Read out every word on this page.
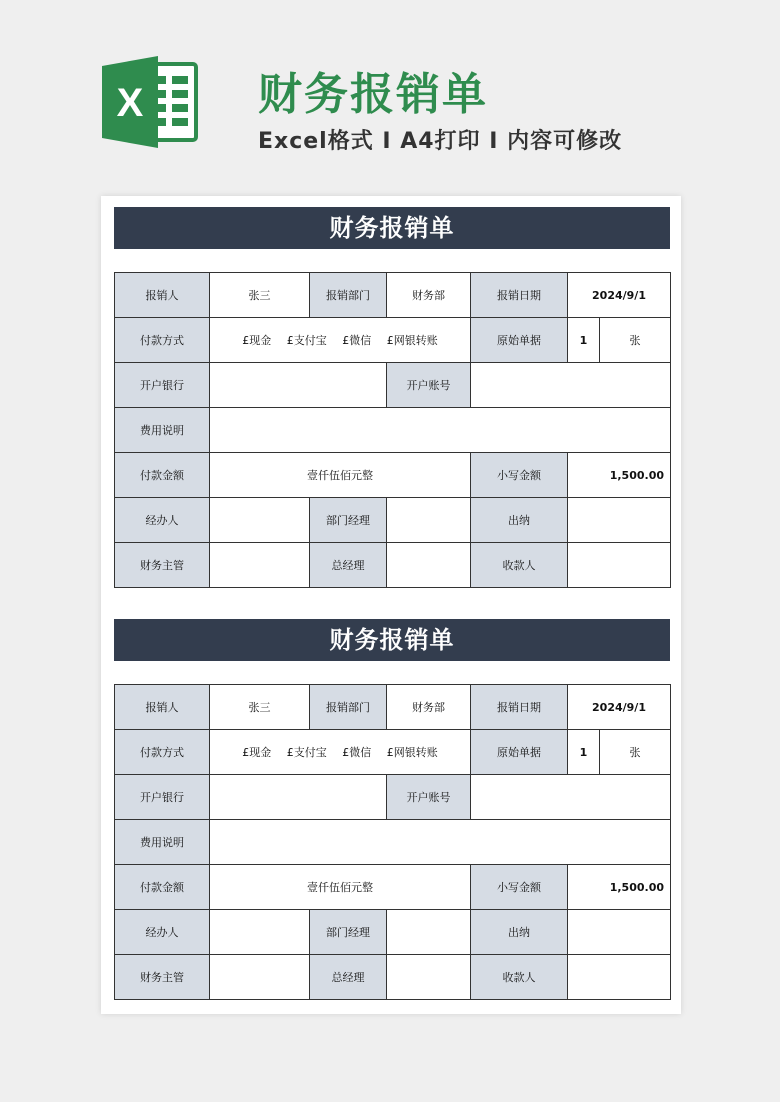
X	财务报销单
Excel格式 I A4打印 I 内容可修改
财务报销单
报销人	张三	报销部门	财务部	报销日期	2024/9/1	
付款方式	£现金 £支付宝 £微信 £网银转账			原始单据	1	张
开户银行			开户账号			
费用说明						
付款金额	壹仟伍佰元整			小写金额	1,500.00	
经办人		部门经理		出纳		
财务主管		总经理		收款人		
财务报销单
报销人	张三	报销部门	财务部	报销日期	2024/9/1	
付款方式	£现金 £支付宝 £微信 £网银转账			原始单据	1	张
开户银行			开户账号			
费用说明						
付款金额	壹仟伍佰元整			小写金额	1,500.00	
经办人		部门经理		出纳		
财务主管		总经理		收款人		
